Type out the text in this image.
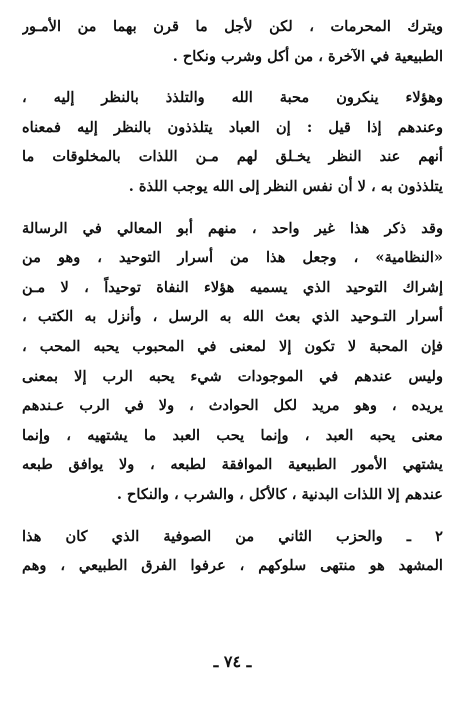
ويترك المحرمات ، لكن لأجل ما قرن بهما من الأمـور
الطبيعية في الآخرة ، من أكل وشرب ونكاح .
وهؤلاء ينكرون محبة الله والتلذذ بالنظر إليه ،
وعندهم إذا قيل : إن العباد يتلذذون بالنظر إليه فمعناه
أنهم عند النظر يخـلق لهم مـن اللذات بالمخلوقات ما
يتلذذون به ، لا أن نفس النظر إلى الله يوجب اللذة .
وقد ذكر هذا غير واحد ، منهم أبو المعالي في الرسالة
«النظامية» ، وجعل هذا من أسرار التوحيد ، وهو من
إشراك التوحيد الذي يسميه هؤلاء النفاة توحيداً ، لا مـن
أسرار التـوحيد الذي بعث الله به الرسل ، وأنزل به الكتب ،
فإن المحبة لا تكون إلا لمعنى في المحبوب يحبه المحب ،
وليس عندهم في الموجودات شيء يحبه الرب إلا بمعنى
يريده ، وهو مريد لكل الحوادث ، ولا في الرب عـندهم
معنى يحبه العبد ، وإنما يحب العبد ما يشتهيه ، وإنما
يشتهي الأمور الطبيعية الموافقة لطبعه ، ولا يوافق طبعه
عندهم إلا اللذات البدنية ، كالأكل ، والشرب ، والنكاح .
٢ ـ والحزب الثاني من الصوفية الذي كان هذا
المشهد هو منتهى سلوكهم ، عرفوا الفرق الطبيعي ، وهم
ـ ٧٤ ـ
